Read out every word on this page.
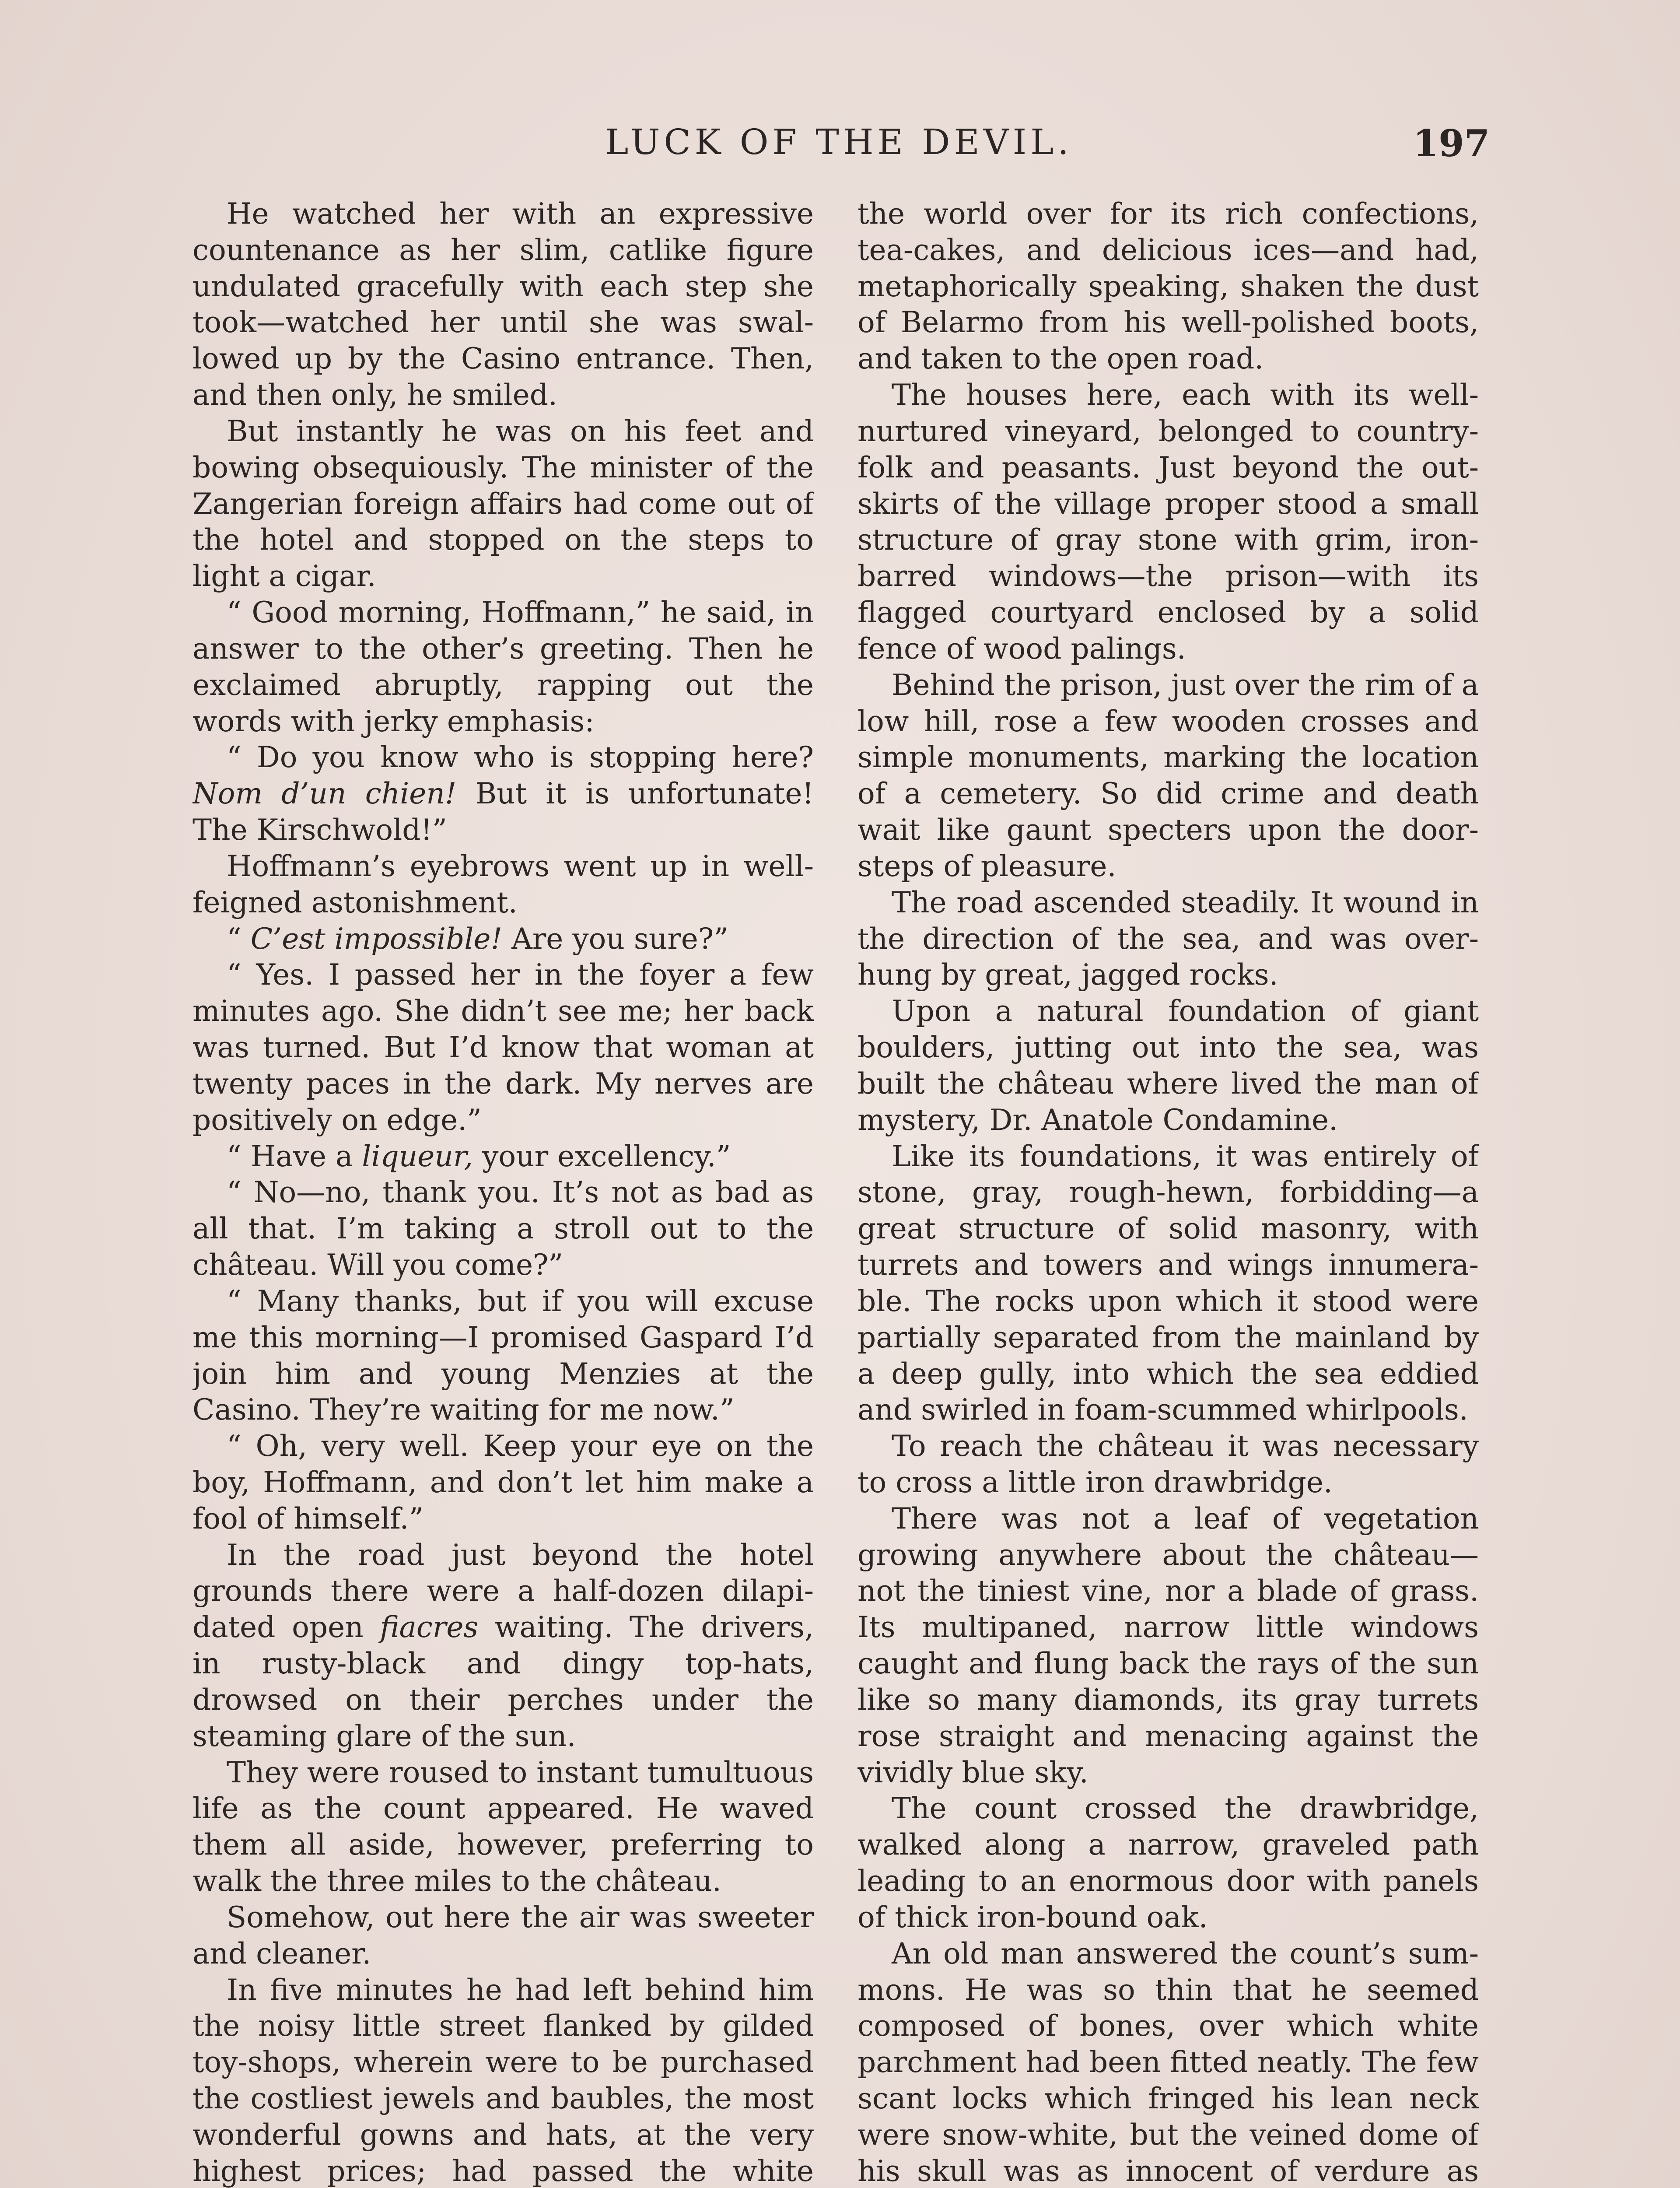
LUCK OF THE DEVIL.	197

He watched her with an expressive countenance as her slim, catlike figure undulated gracefully with each step she took—watched her until she was swallowed up by the Casino entrance. Then, and then only, he smiled.

But instantly he was on his feet and bowing obsequiously. The minister of the Zangerian foreign affairs had come out of the hotel and stopped on the steps to light a cigar.

“ Good morning, Hoffmann,” he said, in answer to the other’s greeting. Then he exclaimed abruptly, rapping out the words with jerky emphasis:

“ Do you know who is stopping here? Nom d’un chien! But it is unfortunate! The Kirschwold!”

Hoffmann’s eyebrows went up in well-feigned astonishment.

“ C’est impossible! Are you sure?”

“ Yes. I passed her in the foyer a few minutes ago. She didn’t see me; her back was turned. But I’d know that woman at twenty paces in the dark. My nerves are positively on edge.”

“ Have a liqueur, your excellency.”

“ No—no, thank you. It’s not as bad as all that. I’m taking a stroll out to the château. Will you come?”

“ Many thanks, but if you will excuse me this morning—I promised Gaspard I’d join him and young Menzies at the Casino. They’re waiting for me now.”

“ Oh, very well. Keep your eye on the boy, Hoffmann, and don’t let him make a fool of himself.”

In the road just beyond the hotel grounds there were a half-dozen dilapidated open fiacres waiting. The drivers, in rusty-black and dingy top-hats, drowsed on their perches under the steaming glare of the sun.

They were roused to instant tumultuous life as the count appeared. He waved them all aside, however, preferring to walk the three miles to the château.

Somehow, out here the air was sweeter and cleaner.

In five minutes he had left behind him the noisy little street flanked by gilded toy-shops, wherein were to be purchased the costliest jewels and baubles, the most wonderful gowns and hats, at the very highest prices; had passed the white

the world over for its rich confections, tea-cakes, and delicious ices—and had, metaphorically speaking, shaken the dust of Belarmo from his well-polished boots, and taken to the open road.

The houses here, each with its well-nurtured vineyard, belonged to countryfolk and peasants. Just beyond the outskirts of the village proper stood a small structure of gray stone with grim, iron-barred windows—the prison—with its flagged courtyard enclosed by a solid fence of wood palings.

Behind the prison, just over the rim of a low hill, rose a few wooden crosses and simple monuments, marking the location of a cemetery. So did crime and death wait like gaunt specters upon the door-steps of pleasure.

The road ascended steadily. It wound in the direction of the sea, and was overhung by great, jagged rocks.

Upon a natural foundation of giant boulders, jutting out into the sea, was built the château where lived the man of mystery, Dr. Anatole Condamine.

Like its foundations, it was entirely of stone, gray, rough-hewn, forbidding—a great structure of solid masonry, with turrets and towers and wings innumerable. The rocks upon which it stood were partially separated from the mainland by a deep gully, into which the sea eddied and swirled in foam-scummed whirlpools.

To reach the château it was necessary to cross a little iron drawbridge.

There was not a leaf of vegetation growing anywhere about the château—not the tiniest vine, nor a blade of grass. Its multipaned, narrow little windows caught and flung back the rays of the sun like so many diamonds, its gray turrets rose straight and menacing against the vividly blue sky.

The count crossed the drawbridge, walked along a narrow, graveled path leading to an enormous door with panels of thick iron-bound oak.

An old man answered the count’s summons. He was so thin that he seemed composed of bones, over which white parchment had been fitted neatly. The few scant locks which fringed his lean neck were snow-white, but the veined dome of his skull was as innocent of verdure as
